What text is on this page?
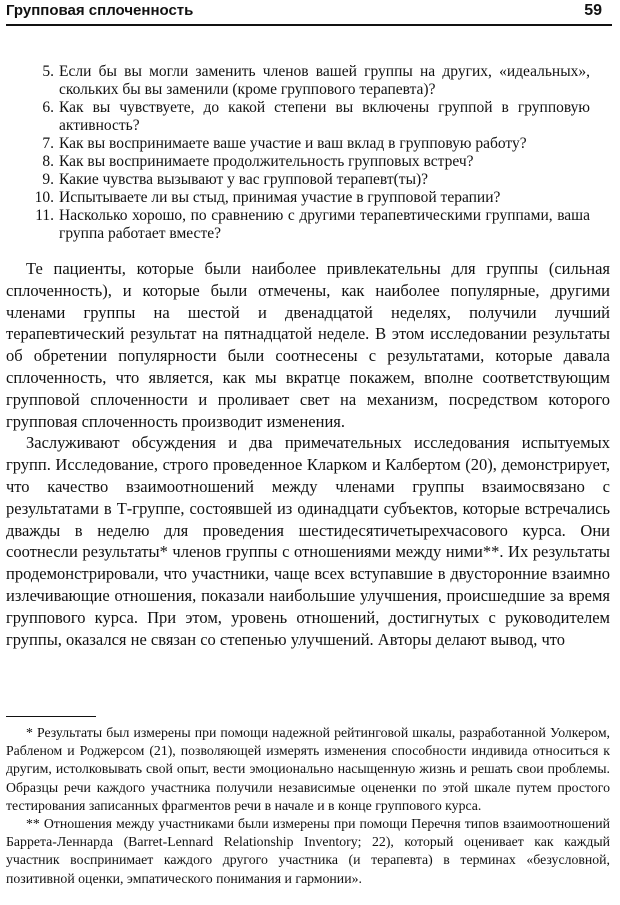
Групповая сплоченность	59
5. Если бы вы могли заменить членов вашей группы на других, «идеальных», скольких бы вы заменили (кроме группового терапевта)?
6. Как вы чувствуете, до какой степени вы включены группой в групповую активность?
7. Как вы воспринимаете ваше участие и ваш вклад в групповую работу?
8. Как вы воспринимаете продолжительность групповых встреч?
9. Какие чувства вызывают у вас групповой терапевт(ты)?
10. Испытываете ли вы стыд, принимая участие в групповой терапии?
11. Насколько хорошо, по сравнению с другими терапевтическими группами, ваша группа работает вместе?

Те пациенты, которые были наиболее привлекательны для группы (сильная сплоченность), и которые были отмечены, как наиболее популярные, другими членами группы на шестой и двенадцатой неделях, получили лучший терапевтический результат на пятнадцатой неделе. В этом исследовании результаты об обретении популярности были соотнесены с результатами, которые давала сплоченность, что является, как мы вкратце покажем, вполне соответствующим групповой сплоченности и проливает свет на механизм, посредством которого групповая сплоченность производит изменения.

Заслуживают обсуждения и два примечательных исследования испытуемых групп. Исследование, строго проведенное Кларком и Калбертом (20), демонстрирует, что качество взаимоотношений между членами группы взаимосвязано с результатами в Т-группе, состоявшей из одинадцати субъектов, которые встречались дважды в неделю для проведения шестидесятичетырехчасового курса. Они соотнесли результаты* членов группы с отношениями между ними**. Их результаты продемонстрировали, что участники, чаще всех вступавшие в двусторонние взаимно излечивающие отношения, показали наибольшие улучшения, происшедшие за время группового курса. При этом, уровень отношений, достигнутых с руководителем группы, оказался не связан со степенью улучшений. Авторы делают вывод, что

* Результаты был измерены при помощи надежной рейтинговой шкалы, разработанной Уолкером, Рабленом и Роджерсом (21), позволяющей измерять изменения способности индивида относиться к другим, истолковывать свой опыт, вести эмоционально насыщенную жизнь и решать свои проблемы. Образцы речи каждого участника получили независимые оцененки по этой шкале путем простого тестирования записанных фрагментов речи в начале и в конце группового курса.

** Отношения между участниками были измерены при помощи Перечня типов взаимоотношений Баррета-Леннарда (Barret-Lennard Relationship Inventory; 22), который оценивает как каждый участник воспринимает каждого другого участника (и терапевта) в терминах «безусловной, позитивной оценки, эмпатического понимания и гармонии».
